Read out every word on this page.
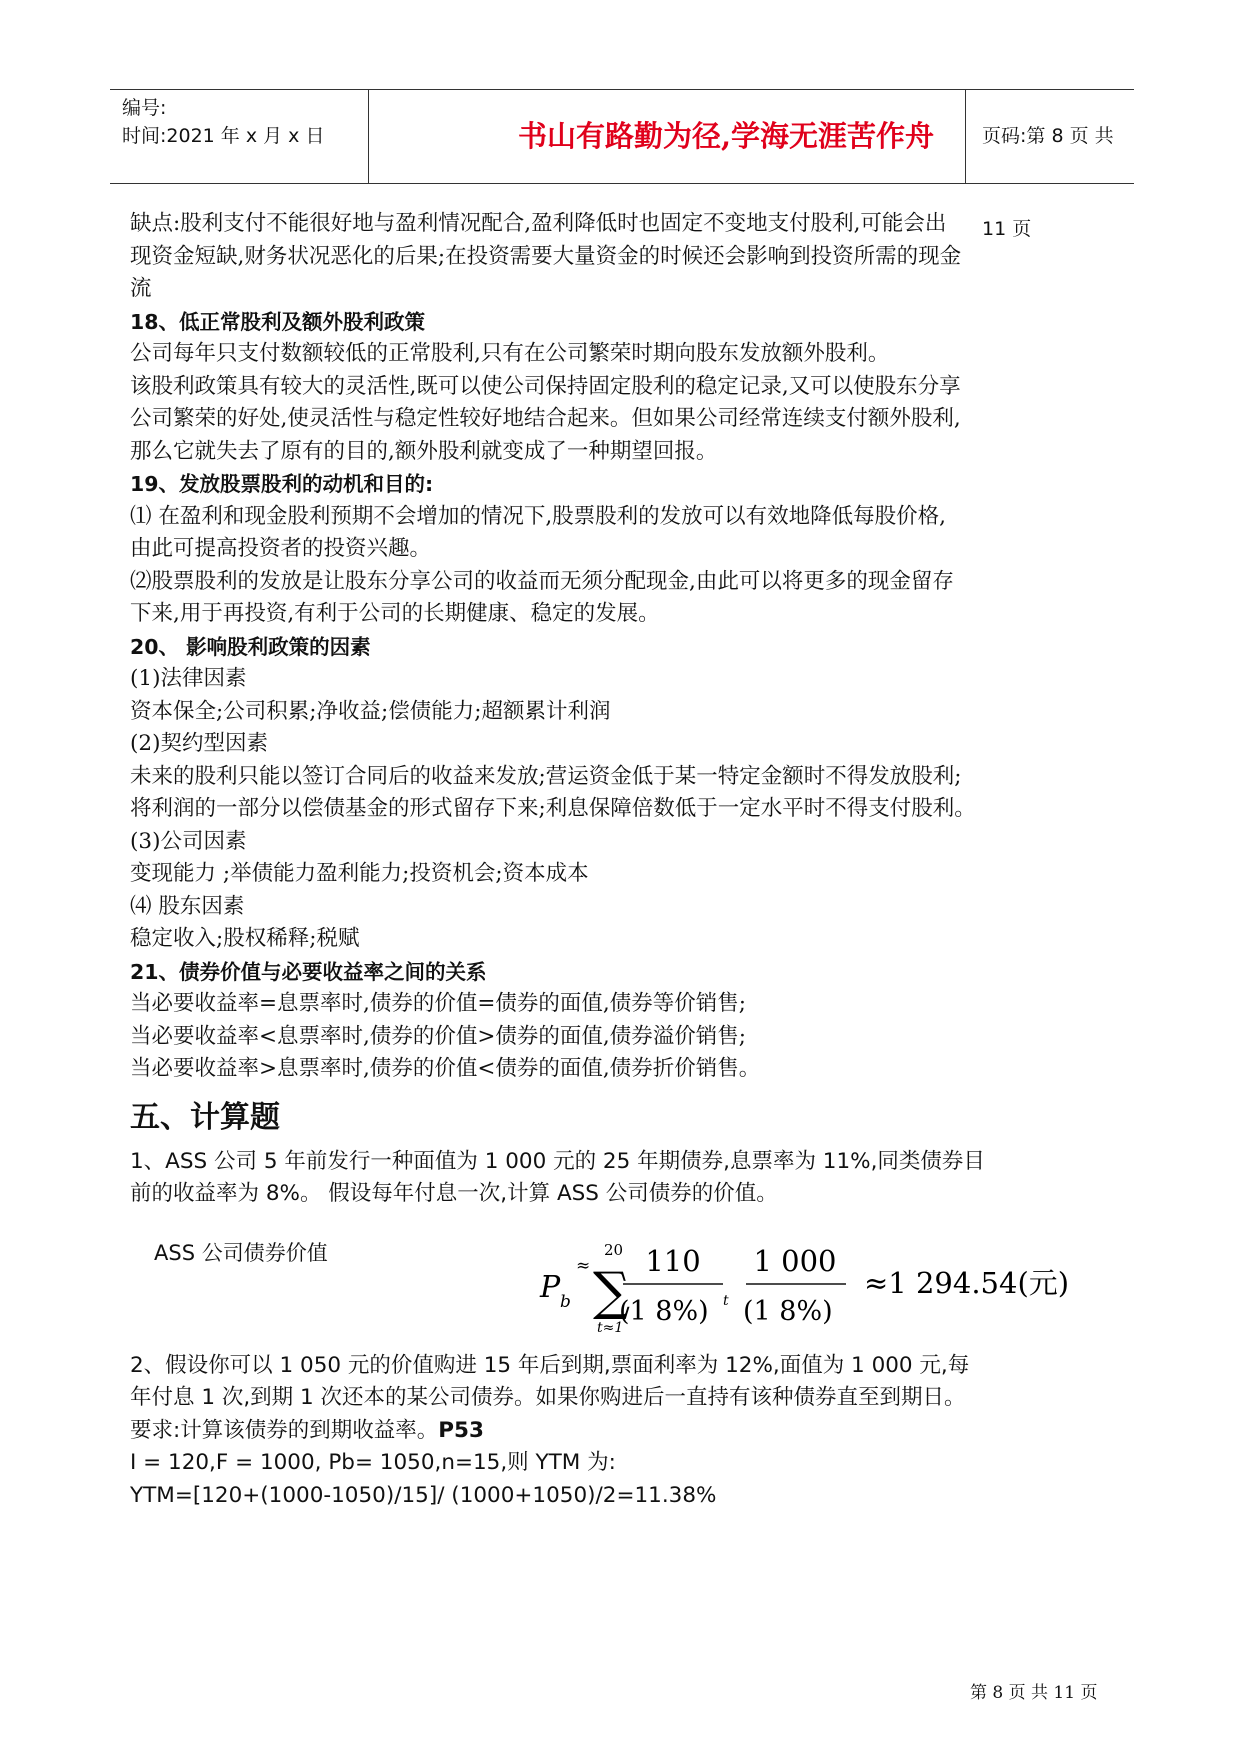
编号:
时间:2021 年 x 月 x 日	书山有路勤为径,学海无涯苦作舟	页码:第 8 页 共 11 页
缺点:股利支付不能很好地与盈利情况配合,盈利降低时也固定不变地支付股利,可能会出
现资金短缺,财务状况恶化的后果;在投资需要大量资金的时候还会影响到投资所需的现金
流
18、低正常股利及额外股利政策
公司每年只支付数额较低的正常股利,只有在公司繁荣时期向股东发放额外股利。
该股利政策具有较大的灵活性,既可以使公司保持固定股利的稳定记录,又可以使股东分享
公司繁荣的好处,使灵活性与稳定性较好地结合起来。但如果公司经常连续支付额外股利,
那么它就失去了原有的目的,额外股利就变成了一种期望回报。
19、发放股票股利的动机和目的:
⑴ 在盈利和现金股利预期不会增加的情况下,股票股利的发放可以有效地降低每股价格,
由此可提高投资者的投资兴趣。
⑵股票股利的发放是让股东分享公司的收益而无须分配现金,由此可以将更多的现金留存
下来,用于再投资,有利于公司的长期健康、稳定的发展。
20、 影响股利政策的因素
(1)法律因素
资本保全;公司积累;净收益;偿债能力;超额累计利润
(2)契约型因素
未来的股利只能以签订合同后的收益来发放;营运资金低于某一特定金额时不得发放股利;
将利润的一部分以偿债基金的形式留存下来;利息保障倍数低于一定水平时不得支付股利。
(3)公司因素
变现能力 ;举债能力盈利能力;投资机会;资本成本
⑷ 股东因素
稳定收入;股权稀释;税赋
21、债券价值与必要收益率之间的关系
当必要收益率=息票率时,债券的价值=债券的面值,债券等价销售;
当必要收益率<息票率时,债券的价值>债券的面值,债券溢价销售;
当必要收益率>息票率时,债券的价值<债券的面值,债券折价销售。
五、计算题
1、ASS 公司 5 年前发行一种面值为 1 000 元的 25 年期债券,息票率为 11%,同类债券目
前的收益率为 8%。 假设每年付息一次,计算 ASS 公司债券的价值。
ASS 公司债券价值
P b
≈
20
∑
t≈1
110
(1 8%) t
1 000
(1 8%)
≈1 294.54(元)
2、假设你可以 1 050 元的价值购进 15 年后到期,票面利率为 12%,面值为 1 000 元,每
年付息 1 次,到期 1 次还本的某公司债券。如果你购进后一直持有该种债券直至到期日。
要求:计算该债券的到期收益率。P53
I = 120,F = 1000, Pb= 1050,n=15,则 YTM 为:
YTM=[120+(1000-1050)/15]/ (1000+1050)/2=11.38%
第 8 页 共 11 页
